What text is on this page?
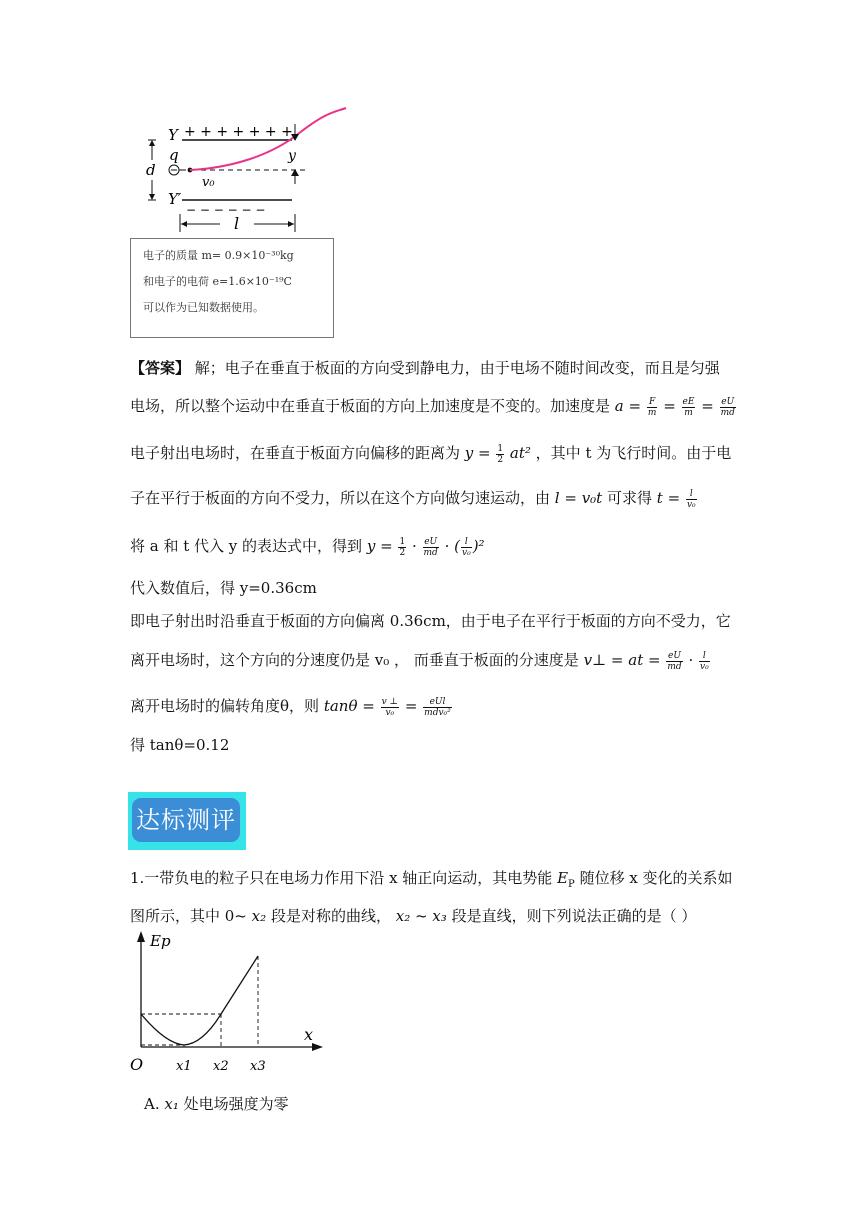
Y + + + + + + +
q
v₀
y
d
Y′
− − − − − −
l
电子的质量 m= 0.9×10⁻³⁰kg
和电子的电荷 e=1.6×10⁻¹⁹C
可以作为已知数据使用。
【答案】 解；电子在垂直于板面的方向受到静电力，由于电场不随时间改变，而且是匀强
电场，所以整个运动中在垂直于板面的方向上加速度是不变的。加速度是 $a = \frac{F}{m} = \frac{eE}{m} = \frac{eU}{md}$
电子射出电场时，在垂直于板面方向偏移的距离为 $y = \frac{1}{2} at^2$ ，其中 t 为飞行时间。由于电
子在平行于板面的方向不受力，所以在这个方向做匀速运动，由 l = v₀t 可求得 $t = \frac{l}{\text{v₀}}$
将 a 和 t 代入 y 的表达式中，得到 $y = \frac{1}{2} \cdot \frac{eU}{md}$ · ( $\frac{l}{\text{v₀}} )^2$
代入数值后，得 y=0.36cm
即电子射出时沿垂直于板面的方向偏离 0.36cm，由于电子在平行于板面的方向不受力，它
离开电场时，这个方向的分速度仍是 v₀ ， 而垂直于板面的分速度是 v⊥ = at = $\frac{eU}{md} \cdot \frac{l}{\text{v₀}}$
离开电场时的偏转角度θ，则 $\tan\theta = \frac{v \perp}{\text{v₀}} = \frac{\text{eUl}}{\text{mdv₀²}}$
得 tanθ=0.12
达标测评
1.一带负电的粒子只在电场力作用下沿 x 轴正向运动，其电势能 $E_P$ 随位移 x 变化的关系如
图所示，其中 0~ x₂ 段是对称的曲线， x₂ ~ x₃ 段是直线，则下列说法正确的是（ ）
Ep
x
O	x1 x2 x3
A. x₁ 处电场强度为零
